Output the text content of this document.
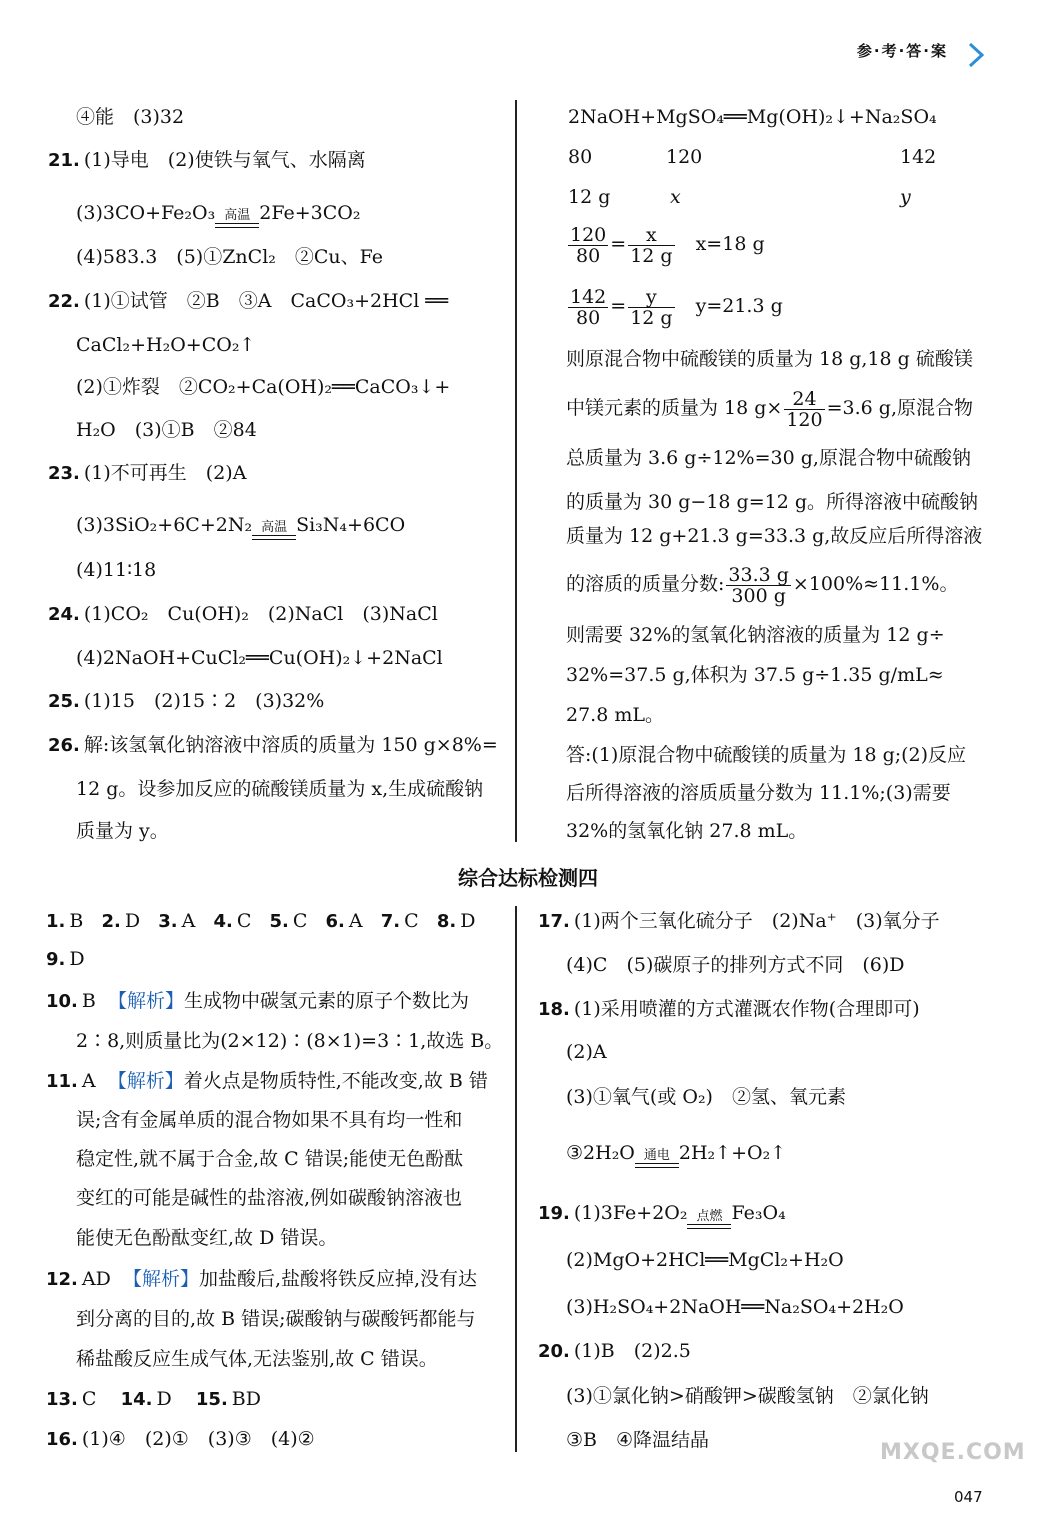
参·考·答·案
④能　(3)32
21. (1)导电　(2)使铁与氧气、水隔离
(3)3CO+Fe₂O₃ 高温 2Fe+3CO₂
(4)583.3　(5)①ZnCl₂　②Cu、Fe
22. (1)①试管　②B　③A　CaCO₃+2HCl ══
CaCl₂+H₂O+CO₂↑
(2)①炸裂　②CO₂+Ca(OH)₂══CaCO₃↓+
H₂O　(3)①B　②84
23. (1)不可再生　(2)A
(3)3SiO₂+6C+2N₂ 高温 Si₃N₄+6CO
(4)11∶18
24. (1)CO₂　Cu(OH)₂　(2)NaCl　(3)NaCl
(4)2NaOH+CuCl₂══Cu(OH)₂↓+2NaCl
25. (1)15　(2)15∶2　(3)32%
26. 解:该氢氧化钠溶液中溶质的质量为 150 g×8%=
12 g。设参加反应的硫酸镁质量为 x,生成硫酸钠
质量为 y。
2NaOH+MgSO₄══Mg(OH)₂↓+Na₂SO₄
80	120	142
12 g	x	y
$\frac{120}{80} = \frac{x}{12 g}$
　 x=18 g
$\frac{142}{80} = \frac{y}{12 g}$
　 y=21.3 g
则原混合物中硫酸镁的质量为 18 g,18 g 硫酸镁
中镁元素的质量为 18 $g\times \frac{24}{120} =3.6$ g,原混合物
总质量为 3.6 g÷12%=30 g,原混合物中硫酸钠
的质量为 30 g−18 g=12 g。所得溶液中硫酸钠
质量为 12 g+21.3 g=33.3 g,故反应后所得溶液
的溶质的质量分数: $\frac{33.3 g}{300 g} \times 100\%\approx 11.1\%$。
则需要 32%的氢氧化钠溶液的质量为 12 g÷
32%=37.5 g,体积为 37.5 g÷1.35 g/mL≈
27.8 mL。
答:(1)原混合物中硫酸镁的质量为 18 g;(2)反应
后所得溶液的溶质质量分数为 11.1%;(3)需要
32%的氢氧化钠 27.8 mL。
综合达标检测四
1. B 2. D 3. A 4. C 5. C 6. A 7. C 8. D
9. D
10. B 【解析】生成物中碳氢元素的原子个数比为
2∶8,则质量比为(2×12)∶(8×1)=3∶1,故选 B。
11. A 【解析】着火点是物质特性,不能改变,故 B 错
误;含有金属单质的混合物如果不具有均一性和
稳定性,就不属于合金,故 C 错误;能使无色酚酞
变红的可能是碱性的盐溶液,例如碳酸钠溶液也
能使无色酚酞变红,故 D 错误。
12. AD 【解析】加盐酸后,盐酸将铁反应掉,没有达
到分离的目的,故 B 错误;碳酸钠与碳酸钙都能与
稀盐酸反应生成气体,无法鉴别,故 C 错误。
13. C 14. D 15. BD
16. (1)④　(2)①　(3)③　(4)②
17. (1)两个三氧化硫分子　(2)Na⁺　(3)氧分子
(4)C　(5)碳原子的排列方式不同　(6)D
18. (1)采用喷灌的方式灌溉农作物(合理即可)
(2)A
(3)①氧气(或 O₂)　②氢、氧元素
③2H₂O 通电 2H₂↑+O₂↑
19. (1)3Fe+2O₂ 点燃 Fe₃O₄
(2)MgO+2HCl══MgCl₂+H₂O
(3)H₂SO₄+2NaOH══Na₂SO₄+2H₂O
20. (1)B　(2)2.5
(3)①氯化钠>硝酸钾>碳酸氢钠　②氯化钠
③B　④降温结晶	MXQE.COM
047
